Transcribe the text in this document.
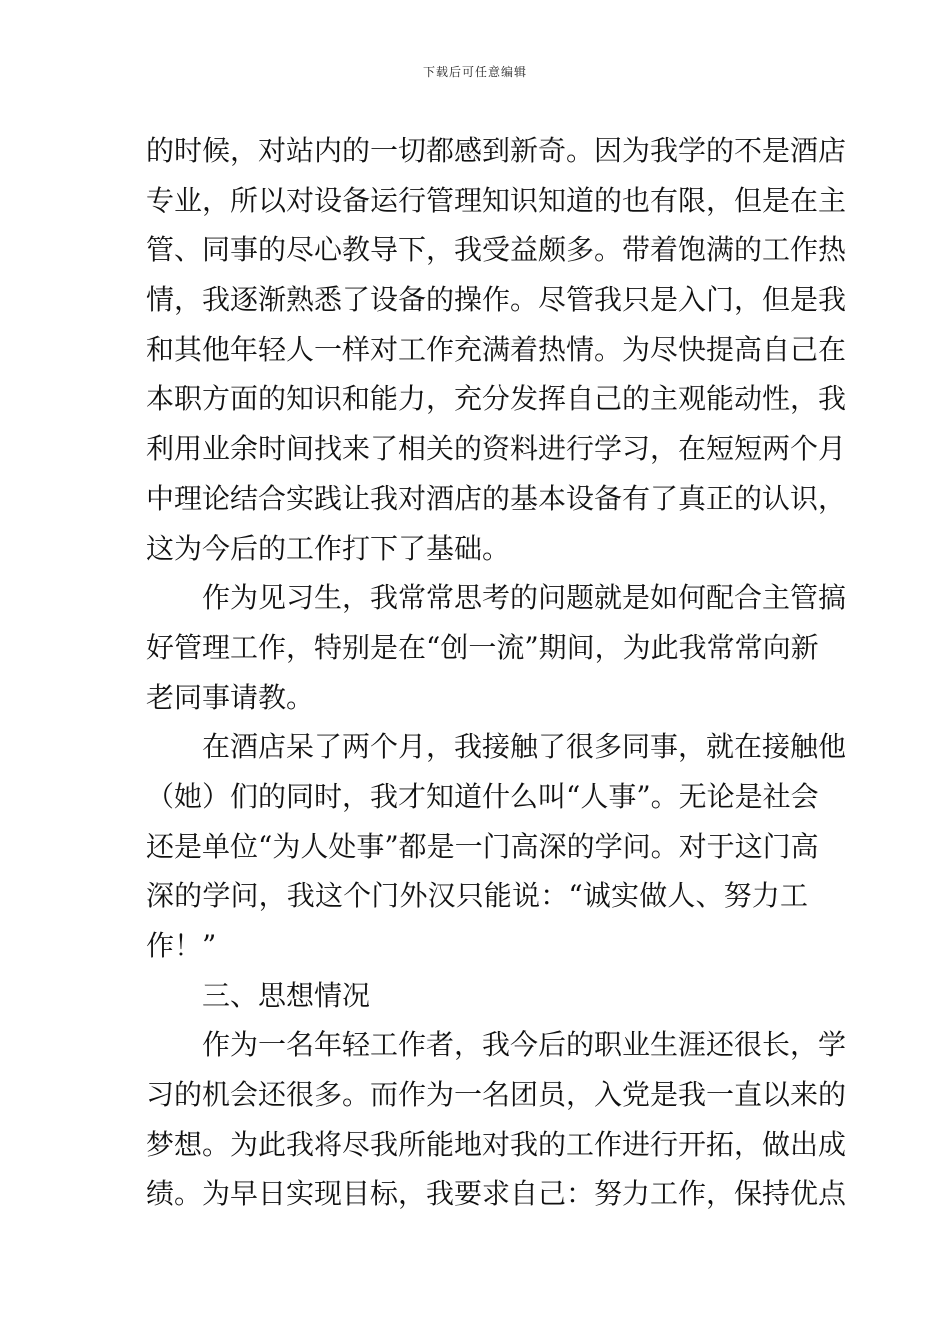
下载后可任意编辑
的时候，对站内的一切都感到新奇。因为我学的不是酒店
专业，所以对设备运行管理知识知道的也有限，但是在主
管、同事的尽心教导下，我受益颇多。带着饱满的工作热
情，我逐渐熟悉了设备的操作。尽管我只是入门，但是我
和其他年轻人一样对工作充满着热情。为尽快提高自己在
本职方面的知识和能力，充分发挥自己的主观能动性，我
利用业余时间找来了相关的资料进行学习，在短短两个月
中理论结合实践让我对酒店的基本设备有了真正的认识，
这为今后的工作打下了基础。
作为见习生，我常常思考的问题就是如何配合主管搞
好管理工作，特别是在“创一流”期间，为此我常常向新
老同事请教。
在酒店呆了两个月，我接触了很多同事，就在接触他
（她）们的同时，我才知道什么叫“人事”。无论是社会
还是单位“为人处事”都是一门高深的学问。对于这门高
深的学问，我这个门外汉只能说：“诚实做人、努力工
作！”
三、思想情况
作为一名年轻工作者，我今后的职业生涯还很长，学
习的机会还很多。而作为一名团员，入党是我一直以来的
梦想。为此我将尽我所能地对我的工作进行开拓，做出成
绩。为早日实现目标，我要求自己：努力工作，保持优点
